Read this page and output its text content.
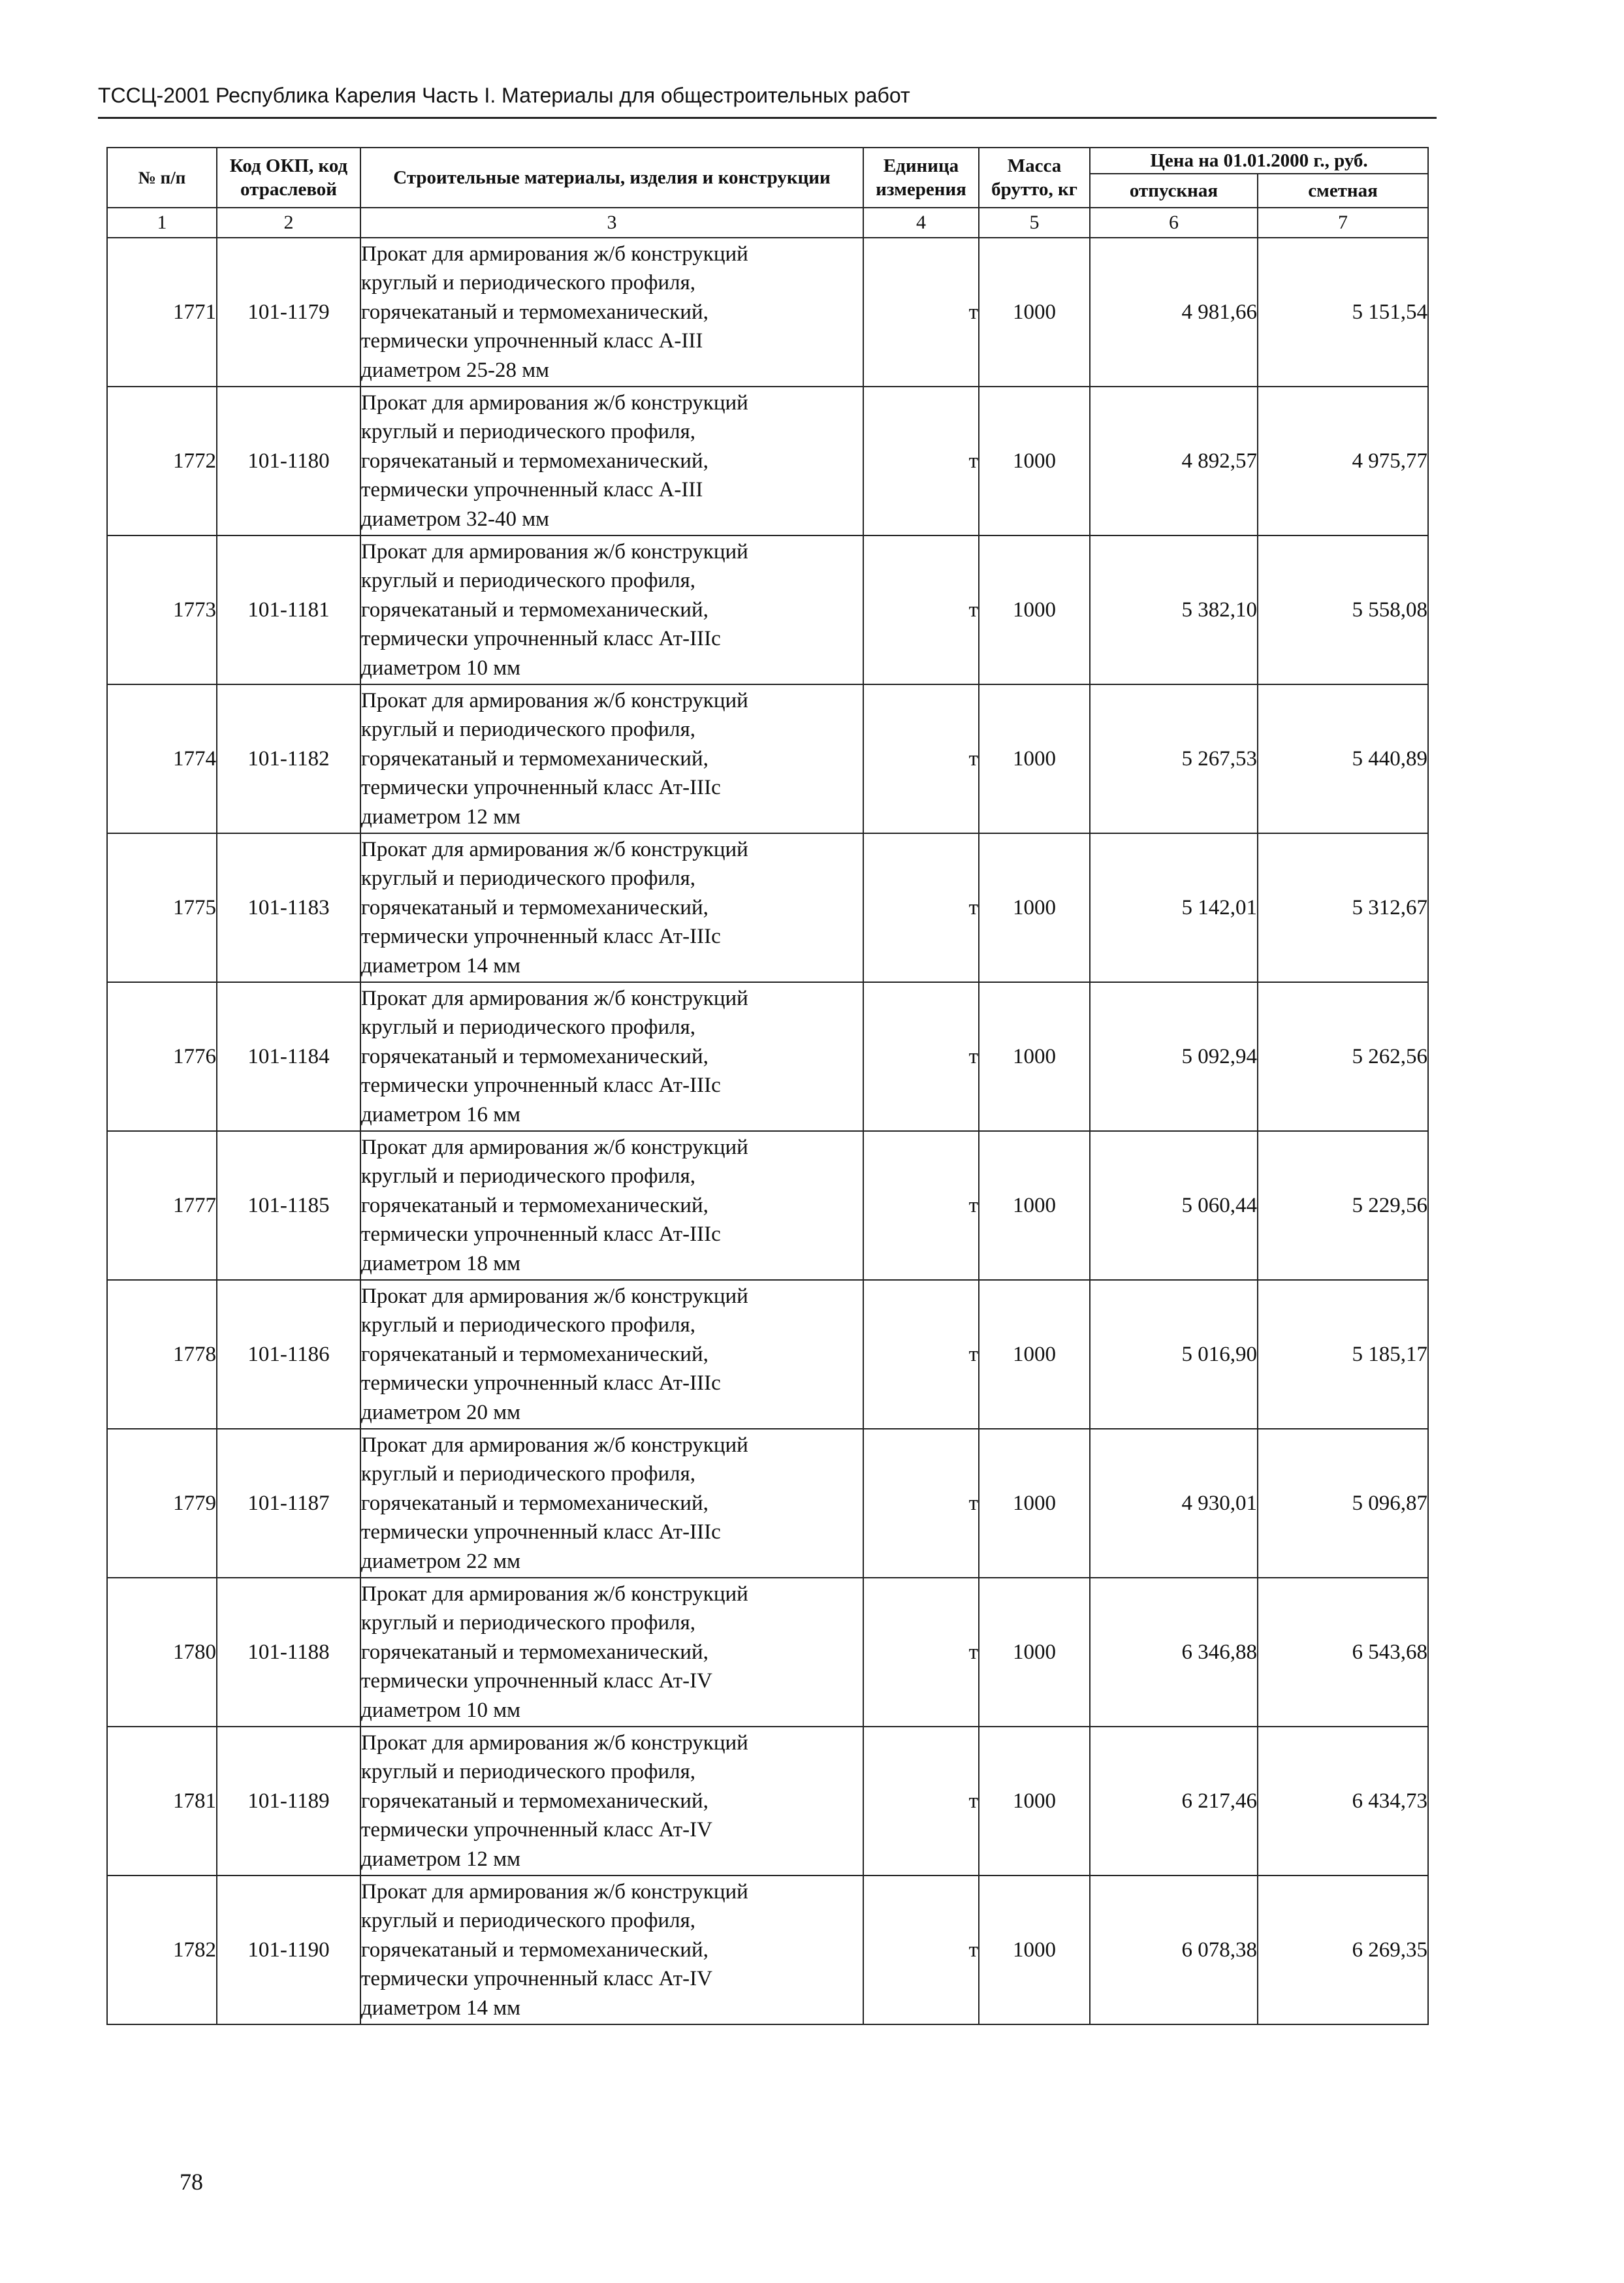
ТССЦ-2001 Республика Карелия Часть I. Материалы для общестроительных работ
№ п/п	Код ОКП, код отраслевой	Строительные материалы, изделия и конструкции	Единица измерения	Масса брутто, кг	Цена на 01.01.2000 г., руб.	
					отпускная	сметная
1	2	3	4	5	6	7
1771	101-1179	Прокат для армирования ж/б конструкций
круглый и периодического профиля,
горячекатаный и термомеханический,
термически упрочненный класс А-III
диаметром 25-28 мм	т	1000	4 981,66	5 151,54
1772	101-1180	Прокат для армирования ж/б конструкций
круглый и периодического профиля,
горячекатаный и термомеханический,
термически упрочненный класс А-III
диаметром 32-40 мм	т	1000	4 892,57	4 975,77
1773	101-1181	Прокат для армирования ж/б конструкций
круглый и периодического профиля,
горячекатаный и термомеханический,
термически упрочненный класс Ат-IIIс
диаметром 10 мм	т	1000	5 382,10	5 558,08
1774	101-1182	Прокат для армирования ж/б конструкций
круглый и периодического профиля,
горячекатаный и термомеханический,
термически упрочненный класс Ат-IIIс
диаметром 12 мм	т	1000	5 267,53	5 440,89
1775	101-1183	Прокат для армирования ж/б конструкций
круглый и периодического профиля,
горячекатаный и термомеханический,
термически упрочненный класс Ат-IIIс
диаметром 14 мм	т	1000	5 142,01	5 312,67
1776	101-1184	Прокат для армирования ж/б конструкций
круглый и периодического профиля,
горячекатаный и термомеханический,
термически упрочненный класс Ат-IIIс
диаметром 16 мм	т	1000	5 092,94	5 262,56
1777	101-1185	Прокат для армирования ж/б конструкций
круглый и периодического профиля,
горячекатаный и термомеханический,
термически упрочненный класс Ат-IIIс
диаметром 18 мм	т	1000	5 060,44	5 229,56
1778	101-1186	Прокат для армирования ж/б конструкций
круглый и периодического профиля,
горячекатаный и термомеханический,
термически упрочненный класс Ат-IIIс
диаметром 20 мм	т	1000	5 016,90	5 185,17
1779	101-1187	Прокат для армирования ж/б конструкций
круглый и периодического профиля,
горячекатаный и термомеханический,
термически упрочненный класс Ат-IIIс
диаметром 22 мм	т	1000	4 930,01	5 096,87
1780	101-1188	Прокат для армирования ж/б конструкций
круглый и периодического профиля,
горячекатаный и термомеханический,
термически упрочненный класс Ат-IV
диаметром 10 мм	т	1000	6 346,88	6 543,68
1781	101-1189	Прокат для армирования ж/б конструкций
круглый и периодического профиля,
горячекатаный и термомеханический,
термически упрочненный класс Ат-IV
диаметром 12 мм	т	1000	6 217,46	6 434,73
1782	101-1190	Прокат для армирования ж/б конструкций
круглый и периодического профиля,
горячекатаный и термомеханический,
термически упрочненный класс Ат-IV
диаметром 14 мм	т	1000	6 078,38	6 269,35
78
